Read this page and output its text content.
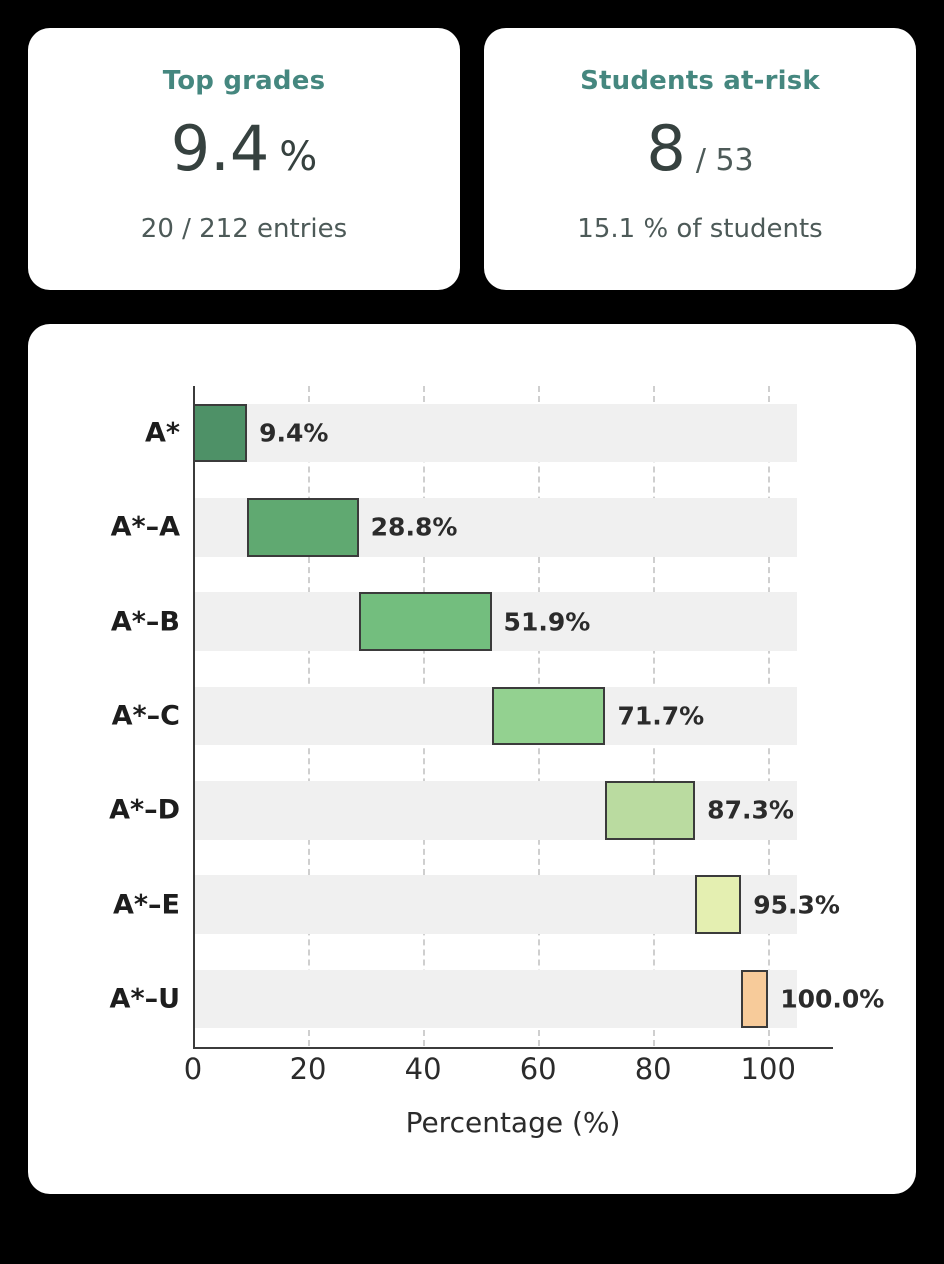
Top grades
9.4 %
20 / 212 entries
Students at-risk
8 / 53
15.1 % of students
A*
A*–A
A*–B
A*–C
A*–D
A*–E
A*–U
9.4%
28.8%
51.9%
71.7%
87.3%
95.3%
100.0%
0	20	40	60	80 100
Percentage (%)
